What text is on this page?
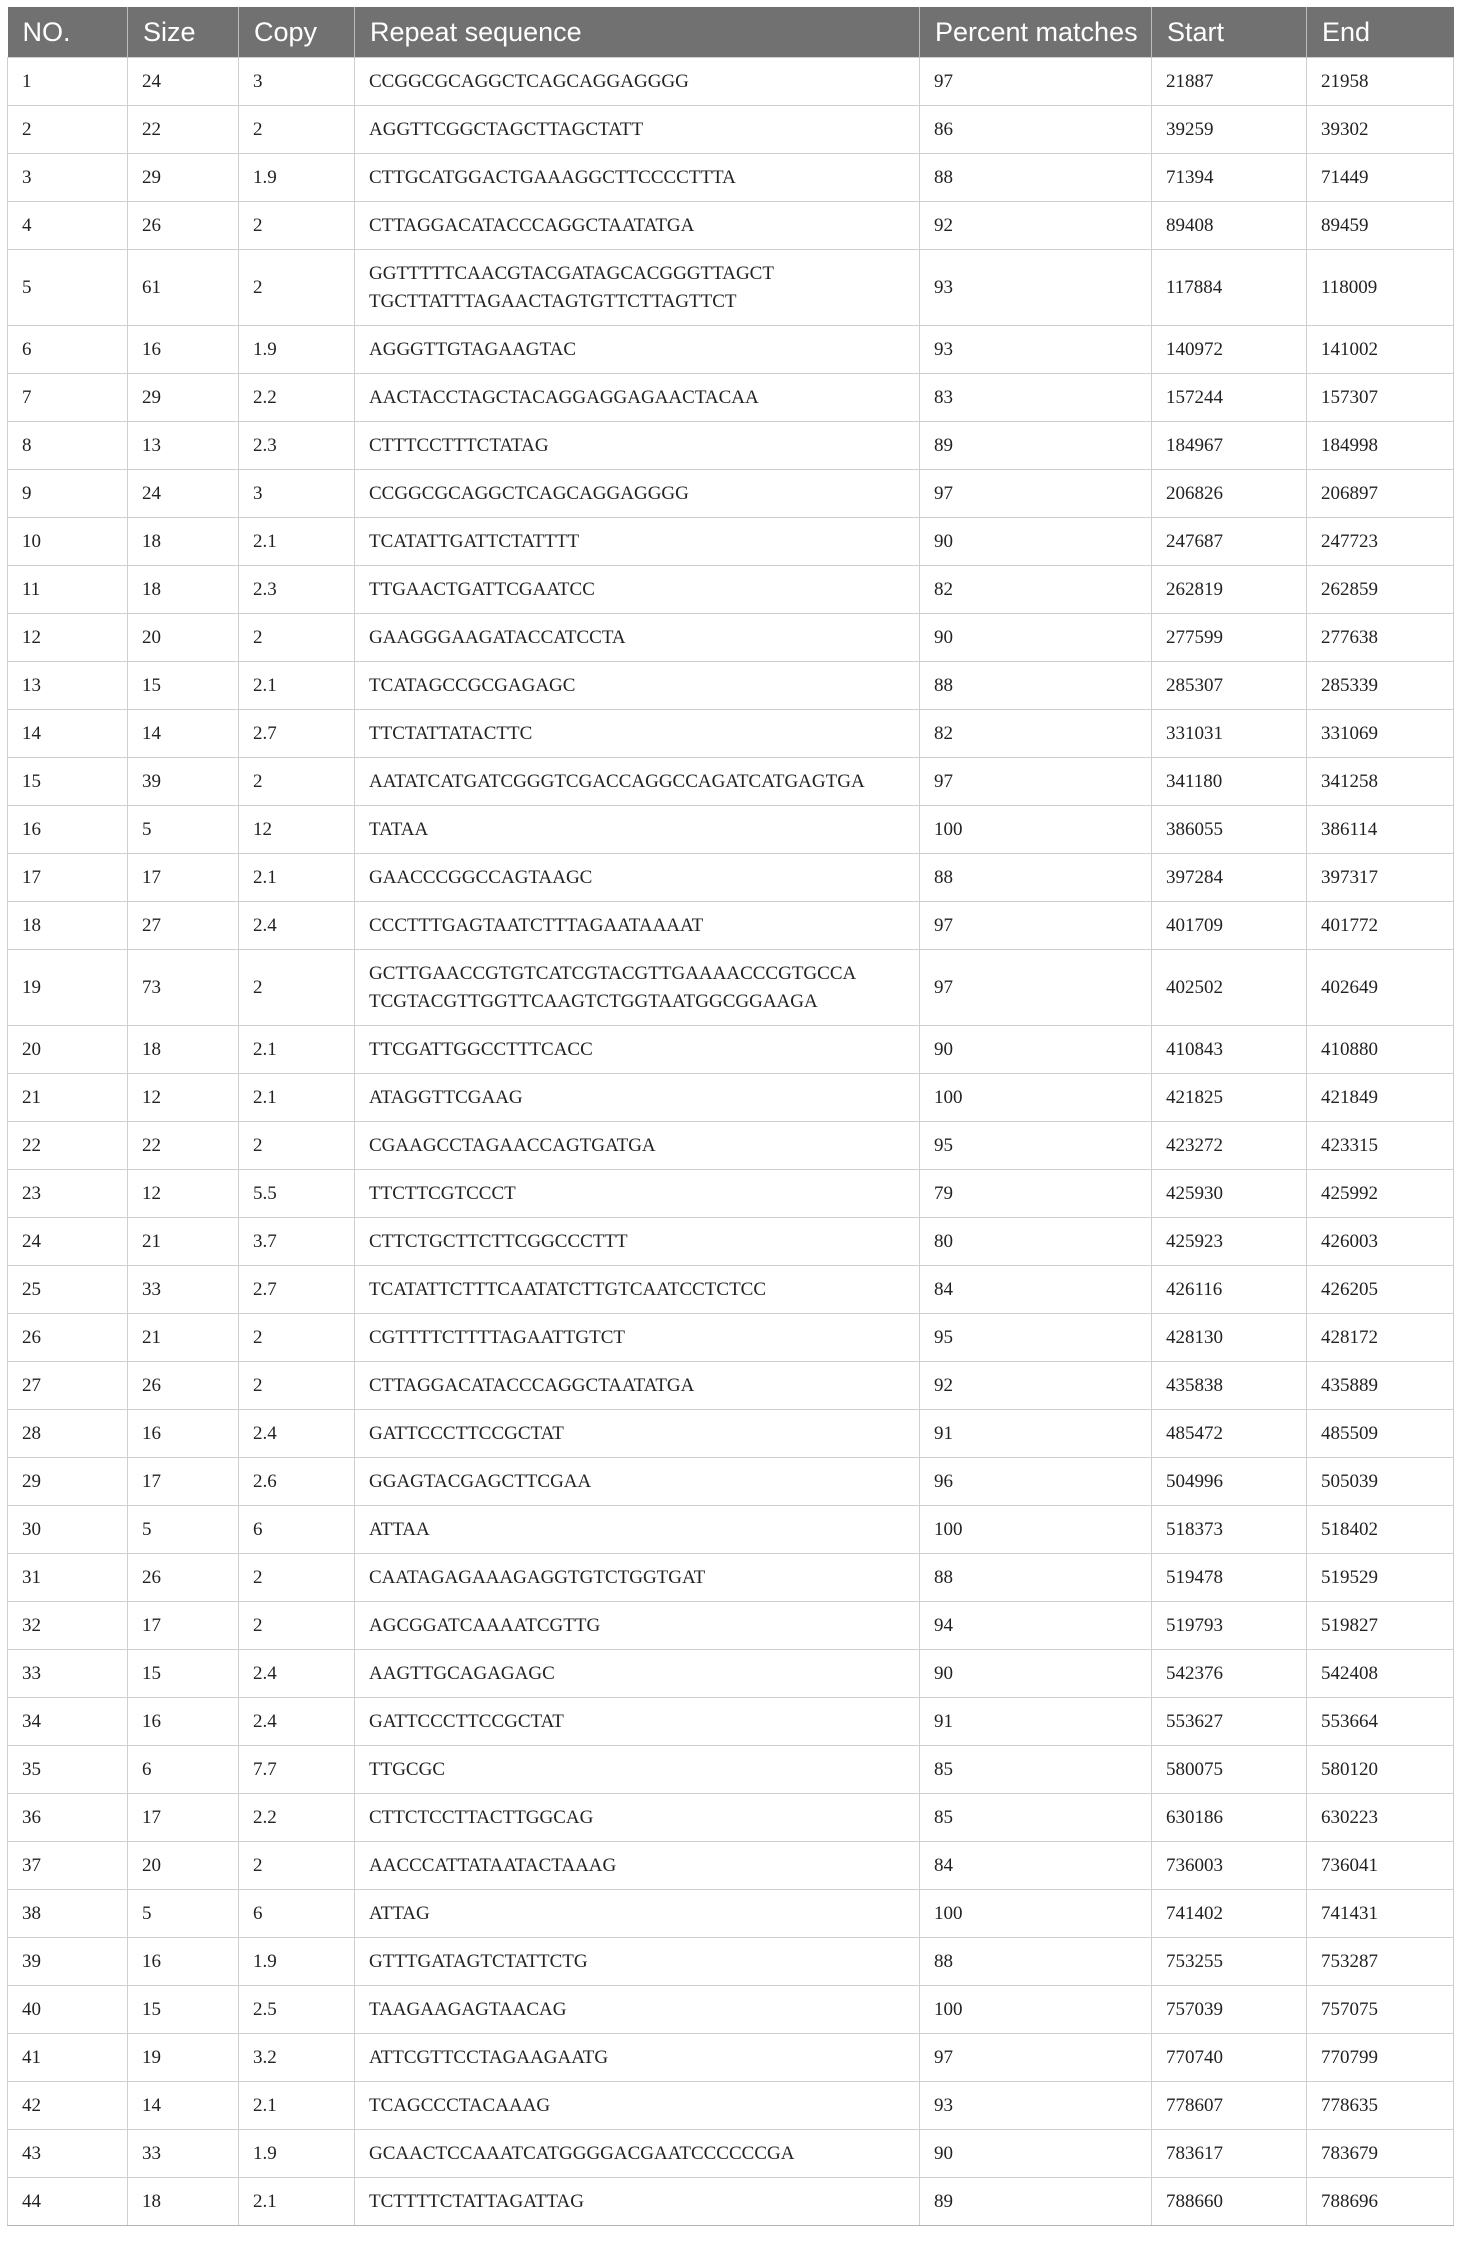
NO.	Size	Copy	Repeat sequence	Percent matches	Start	End
1	24	3	CCGGCGCAGGCTCAGCAGGAGGGG	97	21887	21958
2	22	2	AGGTTCGGCTAGCTTAGCTATT	86	39259	39302
3	29	1.9	CTTGCATGGACTGAAAGGCTTCCCCTTTA	88	71394	71449
4	26	2	CTTAGGACATACCCAGGCTAATATGA	92	89408	89459
5	61	2	GGTTTTTCAACGTACGATAGCACGGGTTAGCT
TGCTTATTTAGAACTAGTGTTCTTAGTTCT	93	117884	118009
6	16	1.9	AGGGTTGTAGAAGTAC	93	140972	141002
7	29	2.2	AACTACCTAGCTACAGGAGGAGAACTACAA	83	157244	157307
8	13	2.3	CTTTCCTTTCTATAG	89	184967	184998
9	24	3	CCGGCGCAGGCTCAGCAGGAGGGG	97	206826	206897
10	18	2.1	TCATATTGATTCTATTTT	90	247687	247723
11	18	2.3	TTGAACTGATTCGAATCC	82	262819	262859
12	20	2	GAAGGGAAGATACCATCCTA	90	277599	277638
13	15	2.1	TCATAGCCGCGAGAGC	88	285307	285339
14	14	2.7	TTCTATTATACTTC	82	331031	331069
15	39	2	AATATCATGATCGGGTCGACCAGGCCAGATCATGAGTGA	97	341180	341258
16	5	12	TATAA	100	386055	386114
17	17	2.1	GAACCCGGCCAGTAAGC	88	397284	397317
18	27	2.4	CCCTTTGAGTAATCTTTAGAATAAAAT	97	401709	401772
19	73	2	GCTTGAACCGTGTCATCGTACGTTGAAAACCCGTGCCA
TCGTACGTTGGTTCAAGTCTGGTAATGGCGGAAGA	97	402502	402649
20	18	2.1	TTCGATTGGCCTTTCACC	90	410843	410880
21	12	2.1	ATAGGTTCGAAG	100	421825	421849
22	22	2	CGAAGCCTAGAACCAGTGATGA	95	423272	423315
23	12	5.5	TTCTTCGTCCCT	79	425930	425992
24	21	3.7	CTTCTGCTTCTTCGGCCCTTT	80	425923	426003
25	33	2.7	TCATATTCTTTCAATATCTTGTCAATCCTCTCC	84	426116	426205
26	21	2	CGTTTTCTTTTAGAATTGTCT	95	428130	428172
27	26	2	CTTAGGACATACCCAGGCTAATATGA	92	435838	435889
28	16	2.4	GATTCCCTTCCGCTAT	91	485472	485509
29	17	2.6	GGAGTACGAGCTTCGAA	96	504996	505039
30	5	6	ATTAA	100	518373	518402
31	26	2	CAATAGAGAAAGAGGTGTCTGGTGAT	88	519478	519529
32	17	2	AGCGGATCAAAATCGTTG	94	519793	519827
33	15	2.4	AAGTTGCAGAGAGC	90	542376	542408
34	16	2.4	GATTCCCTTCCGCTAT	91	553627	553664
35	6	7.7	TTGCGC	85	580075	580120
36	17	2.2	CTTCTCCTTACTTGGCAG	85	630186	630223
37	20	2	AACCCATTATAATACTAAAG	84	736003	736041
38	5	6	ATTAG	100	741402	741431
39	16	1.9	GTTTGATAGTCTATTCTG	88	753255	753287
40	15	2.5	TAAGAAGAGTAACAG	100	757039	757075
41	19	3.2	ATTCGTTCCTAGAAGAATG	97	770740	770799
42	14	2.1	TCAGCCCTACAAAG	93	778607	778635
43	33	1.9	GCAACTCCAAATCATGGGGACGAATCCCCCCGA	90	783617	783679
44	18	2.1	TCTTTTCTATTAGATTAG	89	788660	788696
